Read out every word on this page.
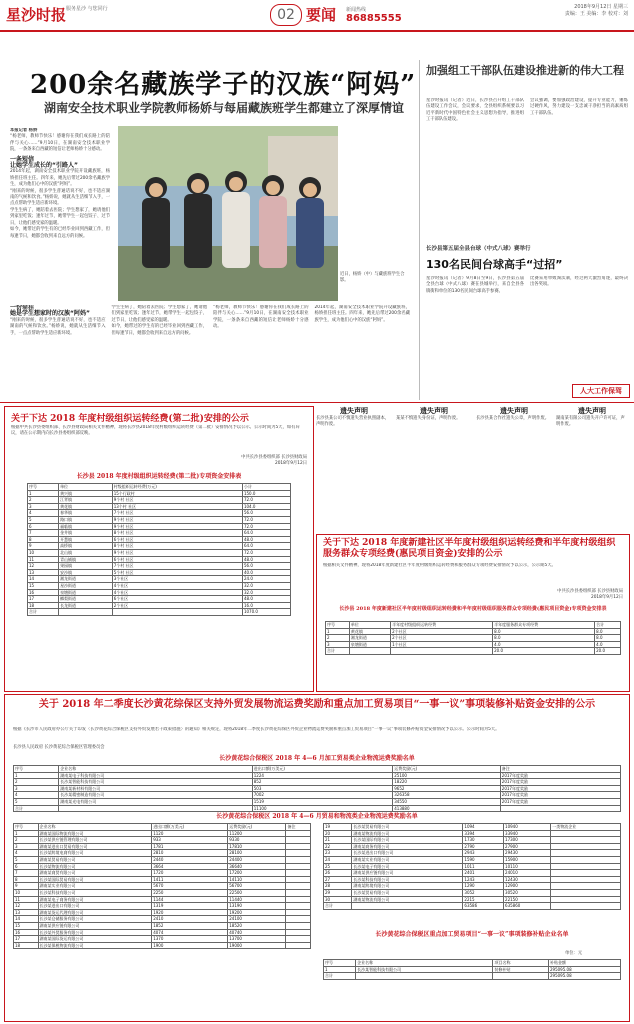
星沙时报 服务星沙 与您同行	02 要闻 新闻热线
86885555
2018年9月12日 星期三
责编：王 美编：李 校对：刘
200余名藏族学子的汉族“阿妈”
湖南安全技术职业学院教师杨娇与每届藏族班学生都建立了深厚情谊
本报记者 杨娇
“杨老师，教师节快乐！感谢你在我们成长路上的陪伴与关心……”9月10日，在湖南安全技术职业学院，一条条来自西藏的短信让老师杨娇十分感动。
一条短信
让她学生成长的“引路人”
2014年起，湖南安全技术职业学院开设藏族班，杨娇担任班主任。四年来，她先后带过200余名藏族学生，成为他们心中的汉族“阿妈”。
“刚来的时候，很多学生普通话说不好，也不适应湖南的气候和饮食。”杨娇说，她就从生活细节入手，一点点帮助学生适应新环境。
学生生病了，她陪着去医院；学生想家了，她请他们到家里吃饭；逢年过节，她带学生一起包饺子、过节日，让他们感受家的温暖。
如今，她带过的学生有的已经毕业回到西藏工作，但每逢节日，她都会收到来自远方的问候。
近日，杨娇（中）与藏族班学生合影。
一份牵挂
她是学生想家时的汉族“阿妈”
“刚来的时候，很多学生普通话说不好，也不适应湖南的气候和饮食。”杨娇说，她就从生活细节入手，一点点帮助学生适应新环境。
学生生病了，她陪着去医院；学生想家了，她请他们到家里吃饭；逢年过节，她带学生一起包饺子、过节日，让他们感受家的温暖。
如今，她带过的学生有的已经毕业回到西藏工作，但每逢节日，她都会收到来自远方的问候。
“杨老师，教师节快乐！感谢你在我们成长路上的陪伴与关心……”9月10日，在湖南安全技术职业学院，一条条来自西藏的短信让老师杨娇十分感动。
2014年起，湖南安全技术职业学院开设藏族班，杨娇担任班主任。四年来，她先后带过200余名藏族学生，成为他们心中的汉族“阿妈”。
加强组工干部队伍建设推进新的伟大工程
星沙时报讯（记者）近日，长沙县召开组工干部队伍建设工作会议，会议要求，全县组织系统要以习近平新时代中国特色社会主义思想为指导，推进组工干部队伍建设。
会议强调，要加强政治建设，提升专业能力，锤炼过硬作风，努力建设一支忠诚干净担当的高素质组工干部队伍。
长沙县第五届全县台球（中式八球）赛举行
130名民间台球高手“过招”
星沙时报讯（记者）9月8日至9日，长沙县第五届全县台球（中式八球）赛在县城举行，来自全县各镇街和单位的130名民间台球高手参赛。
比赛采用单败淘汰制，经过两天激烈角逐，最终决出各奖项。
人大工作保驾
关于下达 2018 年度村级组织运转经费(第二批)安排的公示
根据中共长沙县委组织部、长沙县财政局相关文件精神，现将长沙县2018年度村级组织运转经费（第二批）安排情况予以公示。公示时间为5天，如有异议，请在公示期内向长沙县委组织部反映。
中共长沙县委组织部 长沙县财政局
2018年9月12日
长沙县 2018 年度村级组织运转经费(第二批)专项资金安排表
序号	单位	村级组织运转经费(万元)	小计
1	黄兴镇	15个行政村	150.0
2	江背镇	9个村 社区	72.0
3	黄花镇	13个村 社区	104.0
4	春华镇	7个村 社区	56.0
5	路口镇	9个村 社区	72.0
6	福临镇	9个村 社区	72.0
7	金井镇	8个村 社区	64.0
8	开慧镇	6个村 社区	48.0
9	高桥镇	8个村 社区	64.0
10	北山镇	9个村 社区	72.0
11	青山铺镇	6个村 社区	48.0
12	果园镇	7个村 社区	56.0
13	安沙镇	5个村 社区	40.0
14	湘龙街道	3个社区	24.0
15	星沙街道	4个社区	32.0
16	泉塘街道	4个社区	32.0
17	榔梨街道	6个社区	48.0
18	长龙街道	2个社区	16.0
合计			1070.0
遗失声明
长沙县某公司不慎遗失营业执照副本，声明作废。
遗失声明
某某不慎遗失身份证，声明作废。
遗失声明
长沙县某合作社遗失公章，声明作废。
遗失声明
湖南某有限公司遗失开户许可证，声明作废。
关于下达 2018 年度新建社区半年度村级组织运转经费和半年度村级组织服务群众专项经费(惠民项目资金)安排的公示
根据相关文件精神，现将2018年度新建社区半年度村级组织运转经费和服务群众专项经费安排情况予以公示，公示期5天。
中共长沙县委组织部 长沙县财政局
2018年9月12日
长沙县 2018 年度新建社区半年度村级组织运转经费和半年度村级组织服务群众专项经费(惠民项目资金)专项资金安排表
序号	单位	半年度村级组织运转经费	半年度服务群众专项经费	合计
1	黄花镇	2个社区	8.0	8.0
2	湘龙街道	2个社区	8.0	8.0
3	泉塘街道	1个社区	4.0	4.0
合计			20.0	20.0
关于 2018 年二季度长沙黄花综保区支持外贸发展物流运费奖励和重点加工贸易项目“一事一议”事项装修补贴资金安排的公示
根据《长沙市人民政府办公厅关于印发〈长沙黄花综合保税区支持外贸发展若干政策措施〉的通知》相关规定，现将2018年二季度长沙黄花综保区外贸企业物流运费奖励和重点加工贸易项目“一事一议”事项装修补贴资金安排情况予以公示。公示时间为5天。
长沙县人民政府 长沙黄花综合保税区管理委员会
长沙黄花综合保税区 2018 年 4—6 月加工贸易类企业物流运费奖励名单
序号	企业名称	进出口额(万美元)	运费奖励(元)	备注
1	湖南某电子科技有限公司	1224	25100	2017年度奖励
2	长沙某智能科技有限公司	852	18220	2017年度奖励
3	湖南某新材料有限公司	503	9652	2017年度奖励
4	长沙某精密制造有限公司	7002	326358	2017年度奖励
5	湖南某光电有限公司	1519	34550	2017年度奖励
合计		11100	413880	
长沙黄花综合保税区 2018 年 4—6 月贸易和物流类企业物流运费奖励名单
序号	企业名称	进出口额(万美元)	运费奖励(元)	备注
1	湖南某国际物流有限公司	1120	11200	
2	长沙某供应链管理有限公司	933	9330	
3	湖南某进出口贸易有限公司	1781	17810	
4	长沙某跨境电商有限公司	2810	28100	
5	湖南某贸易有限公司	2440	24400	
6	长沙某物流有限公司	3664	36640	
7	湖南某商贸有限公司	1720	17200	
8	长沙某国际贸易有限公司	1411	14110	
9	湖南某实业有限公司	5670	56700	
10	长沙某科技有限公司	2250	22500	
11	湖南某电子商务有限公司	1144	11440	
12	长沙某进出口有限公司	1319	13190	
13	湖南某货运代理有限公司	1920	19200	
14	长沙某仓储服务有限公司	2410	24100	
15	湖南某供应链有限公司	1852	18520	
16	长沙某外贸服务有限公司	4074	40740	
17	湖南某国际货运有限公司	1370	13700	
18	长沙某保税物流有限公司	1900	19000	
19	长沙某贸易有限公司	1094	10940	一类物流企业
20	湖南某物流有限公司	3394	33940	
21	长沙某国际有限公司	1730	17300	
22	湖南某商务有限公司	2790	27900	
23	长沙某进出口有限公司	2943	29430	
24	湖南某实业有限公司	1590	15900	
25	长沙某电子有限公司	1011	10110	
26	湖南某供应链有限公司	2401	24010	
27	长沙某科技有限公司	1243	12430	
28	湖南某跨境有限公司	1290	12900	
29	长沙某贸易有限公司	3052	30520	
30	湖南某物流有限公司	2215	22150	
合计		63586	635860	
长沙黄花综合保税区重点加工贸易项目“一事一议”事项装修补贴企业名单
单位：元
序号	企业名称	项目名称	补贴金额
1	长沙某智能科技有限公司	装修补贴	295095.08
合计			295095.08
